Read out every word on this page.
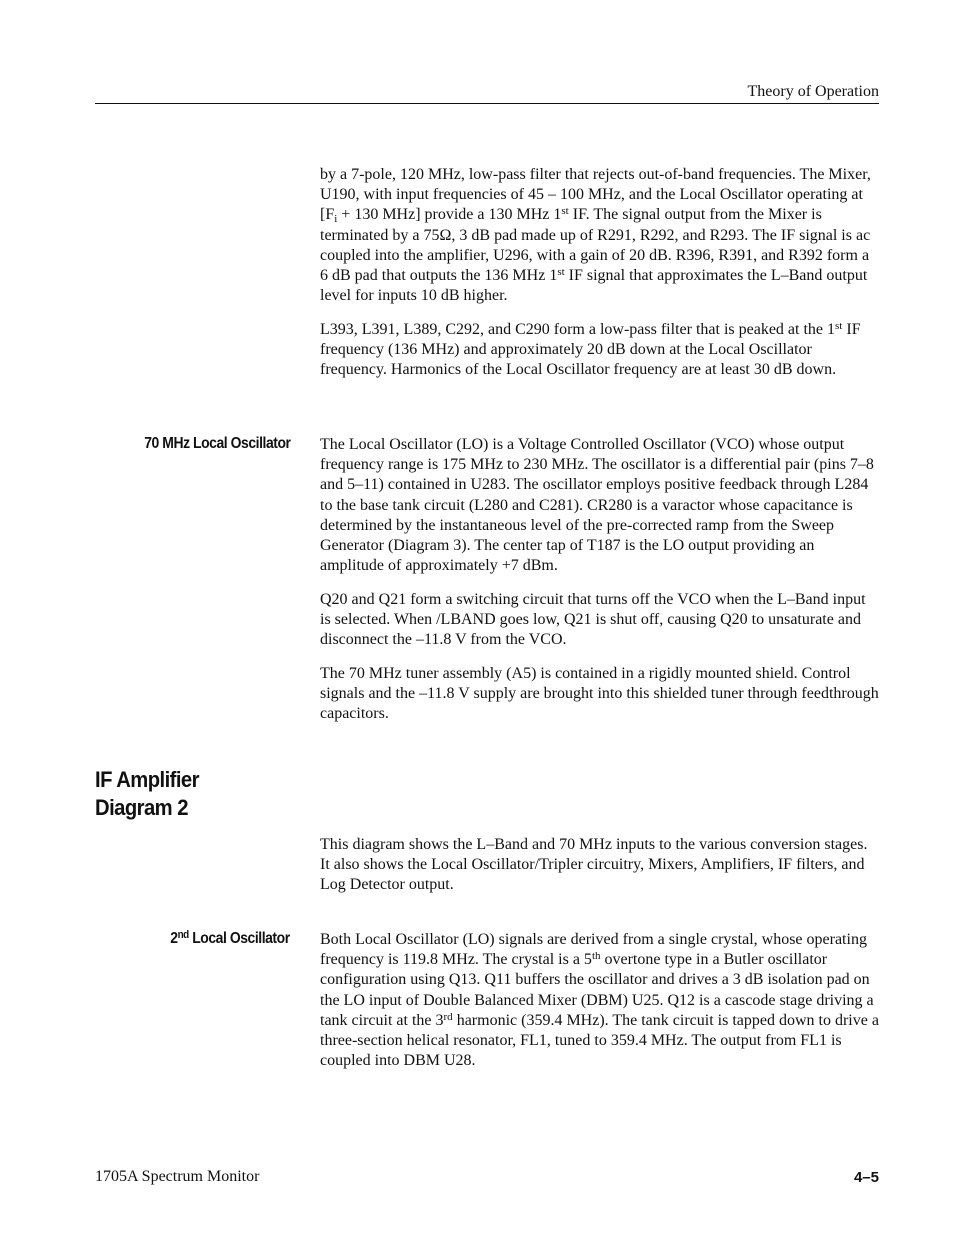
Theory of Operation

by a 7-pole, 120 MHz, low-pass filter that rejects out-of-band frequencies. The Mixer, U190, with input frequencies of 45 – 100 MHz, and the Local Oscillator operating at [$F_i + 130$ MHz] provide a 130 MHz 1st IF. The signal output from the Mixer is terminated by a 75Ω, 3 dB pad made up of R291, R292, and R293. The IF signal is ac coupled into the amplifier, U296, with a gain of 20 dB. R396, R391, and R392 form a 6 dB pad that outputs the 136 MHz 1st IF signal that approximates the L–Band output level for inputs 10 dB higher.

L393, L391, L389, C292, and C290 form a low-pass filter that is peaked at the 1st IF frequency (136 MHz) and approximately 20 dB down at the Local Oscillator frequency. Harmonics of the Local Oscillator frequency are at least 30 dB down.

70 MHz Local Oscillator The Local Oscillator (LO) is a Voltage Controlled Oscillator (VCO) whose output frequency range is 175 MHz to 230 MHz. The oscillator is a differential pair (pins 7–8 and 5–11) contained in U283. The oscillator employs positive feedback through L284 to the base tank circuit (L280 and C281). CR280 is a varactor whose capacitance is determined by the instantaneous level of the pre-corrected ramp from the Sweep Generator (Diagram 3). The center tap of T187 is the LO output providing an amplitude of approximately +7 dBm.

Q20 and Q21 form a switching circuit that turns off the VCO when the L–Band input is selected. When /LBAND goes low, Q21 is shut off, causing Q20 to unsaturate and disconnect the –11.8 V from the VCO.

The 70 MHz tuner assembly (A5) is contained in a rigidly mounted shield. Control signals and the –11.8 V supply are brought into this shielded tuner through feedthrough capacitors.

IF Amplifier
Diagram 2

This diagram shows the L–Band and 70 MHz inputs to the various conversion stages. It also shows the Local Oscillator/Tripler circuitry, Mixers, Amplifiers, IF filters, and Log Detector output.

2nd Local Oscillator Both Local Oscillator (LO) signals are derived from a single crystal, whose operating frequency is 119.8 MHz. The crystal is a 5th overtone type in a Butler oscillator configuration using Q13. Q11 buffers the oscillator and drives a 3 dB isolation pad on the LO input of Double Balanced Mixer (DBM) U25. Q12 is a cascode stage driving a tank circuit at the 3rd harmonic (359.4 MHz). The tank circuit is tapped down to drive a three-section helical resonator, FL1, tuned to 359.4 MHz. The output from FL1 is coupled into DBM U28.

1705A Spectrum Monitor	4–5
